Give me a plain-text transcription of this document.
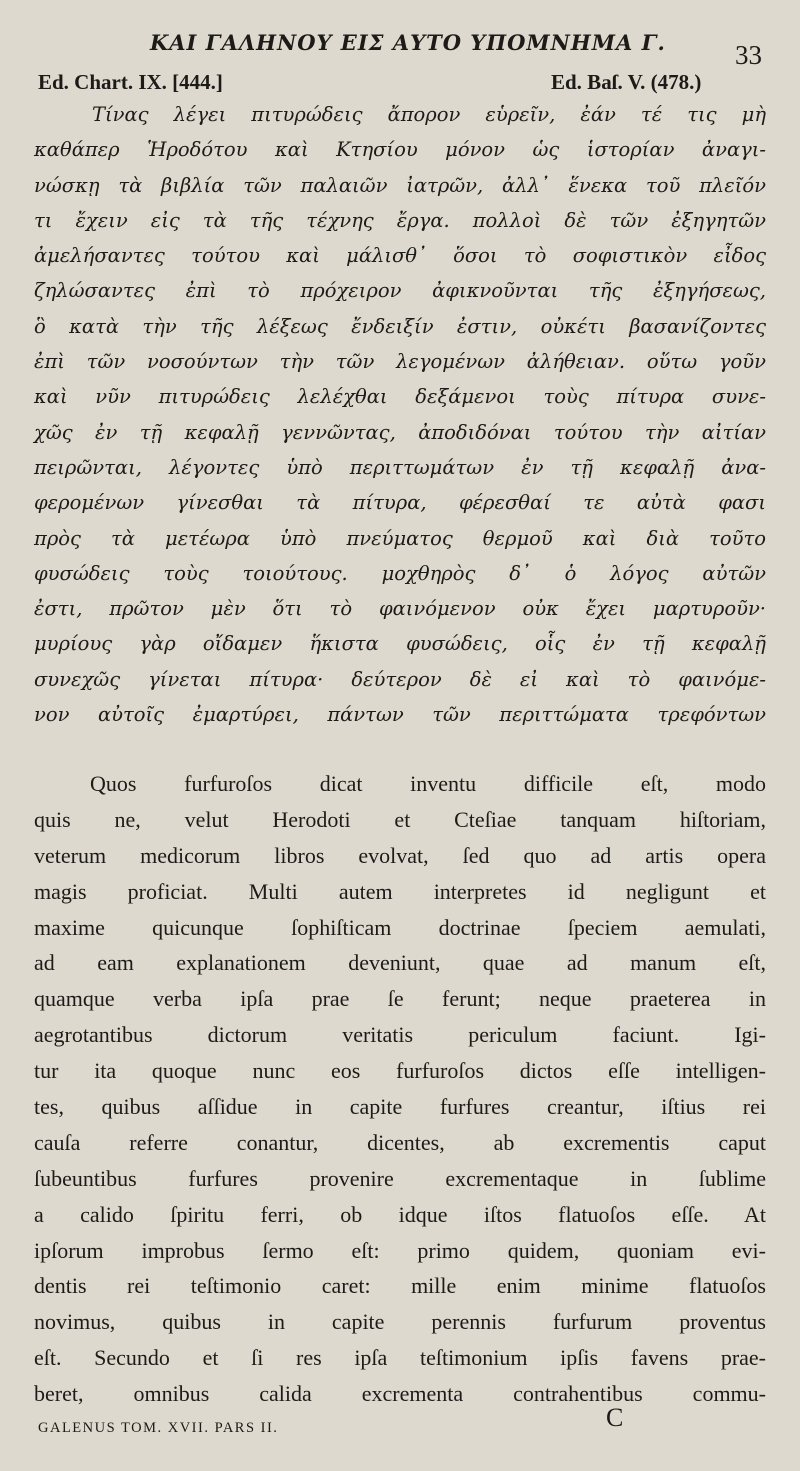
ΚΑΙ ΓΑΛΗΝΟΥ ΕΙΣ ΑΥΤΟ ΥΠΟΜΝΗΜΑ Γ.	33
Ed. Chart. IX. [444.]	Ed. Baſ. V. (478.)
Τίνας λέγει πιτυρώδεις ἄπορον εὑρεῖν, ἐάν τέ τις μὴ
καθάπερ Ἡροδότου καὶ Κτησίου μόνον ὡς ἱστορίαν ἀναγι-
νώσκῃ τὰ βιβλία τῶν παλαιῶν ἰατρῶν, ἀλλ᾽ ἕνεκα τοῦ πλεῖόν
τι ἔχειν εἰς τὰ τῆς τέχνης ἔργα. πολλοὶ δὲ τῶν ἐξηγητῶν
ἀμελήσαντες τούτου καὶ μάλισθ᾽ ὅσοι τὸ σοφιστικὸν εἶδος
ζηλώσαντες ἐπὶ τὸ πρόχειρον ἀφικνοῦνται τῆς ἐξηγήσεως,
ὃ κατὰ τὴν τῆς λέξεως ἔνδειξίν ἐστιν, οὐκέτι βασανίζοντες
ἐπὶ τῶν νοσούντων τὴν τῶν λεγομένων ἀλήθειαν. οὕτω γοῦν
καὶ νῦν πιτυρώδεις λελέχθαι δεξάμενοι τοὺς πίτυρα συνε-
χῶς ἐν τῇ κεφαλῇ γεννῶντας, ἀποδιδόναι τούτου τὴν αἰτίαν
πειρῶνται, λέγοντες ὑπὸ περιττωμάτων ἐν τῇ κεφαλῇ ἀνα-
φερομένων γίνεσθαι τὰ πίτυρα, φέρεσθαί τε αὐτὰ φασι
πρὸς τὰ μετέωρα ὑπὸ πνεύματος θερμοῦ καὶ διὰ τοῦτο
φυσώδεις τοὺς τοιούτους. μοχθηρὸς δ᾽ ὁ λόγος αὐτῶν
ἐστι, πρῶτον μὲν ὅτι τὸ φαινόμενον οὐκ ἔχει μαρτυροῦν·
μυρίους γὰρ οἴδαμεν ἥκιστα φυσώδεις, οἷς ἐν τῇ κεφαλῇ
συνεχῶς γίνεται πίτυρα· δεύτερον δὲ εἰ καὶ τὸ φαινόμε-
νον αὐτοῖς ἐμαρτύρει, πάντων τῶν περιττώματα τρεφόντων
Quos furfuroſos dicat inventu difficile eſt, modo
quis ne, velut Herodoti et Cteſiae tanquam hiſtoriam,
veterum medicorum libros evolvat, ſed quo ad artis opera
magis proficiat. Multi autem interpretes id negligunt et
maxime quicunque ſophiſticam doctrinae ſpeciem aemulati,
ad eam explanationem deveniunt, quae ad manum eſt,
quamque verba ipſa prae ſe ferunt; neque praeterea in
aegrotantibus dictorum veritatis periculum faciunt. Igi-
tur ita quoque nunc eos furfuroſos dictos eſſe intelligen-
tes, quibus aſſidue in capite furfures creantur, iſtius rei
cauſa referre conantur, dicentes, ab excrementis caput
ſubeuntibus furfures provenire excrementaque in ſublime
a calido ſpiritu ferri, ob idque iſtos flatuoſos eſſe. At
ipſorum improbus ſermo eſt: primo quidem, quoniam evi-
dentis rei teſtimonio caret: mille enim minime flatuoſos
novimus, quibus in capite perennis furfurum proventus
eſt. Secundo et ſi res ipſa teſtimonium ipſis favens prae-
beret, omnibus calida excrementa contrahentibus commu-
GALENUS TOM. XVII. PARS II.	C
